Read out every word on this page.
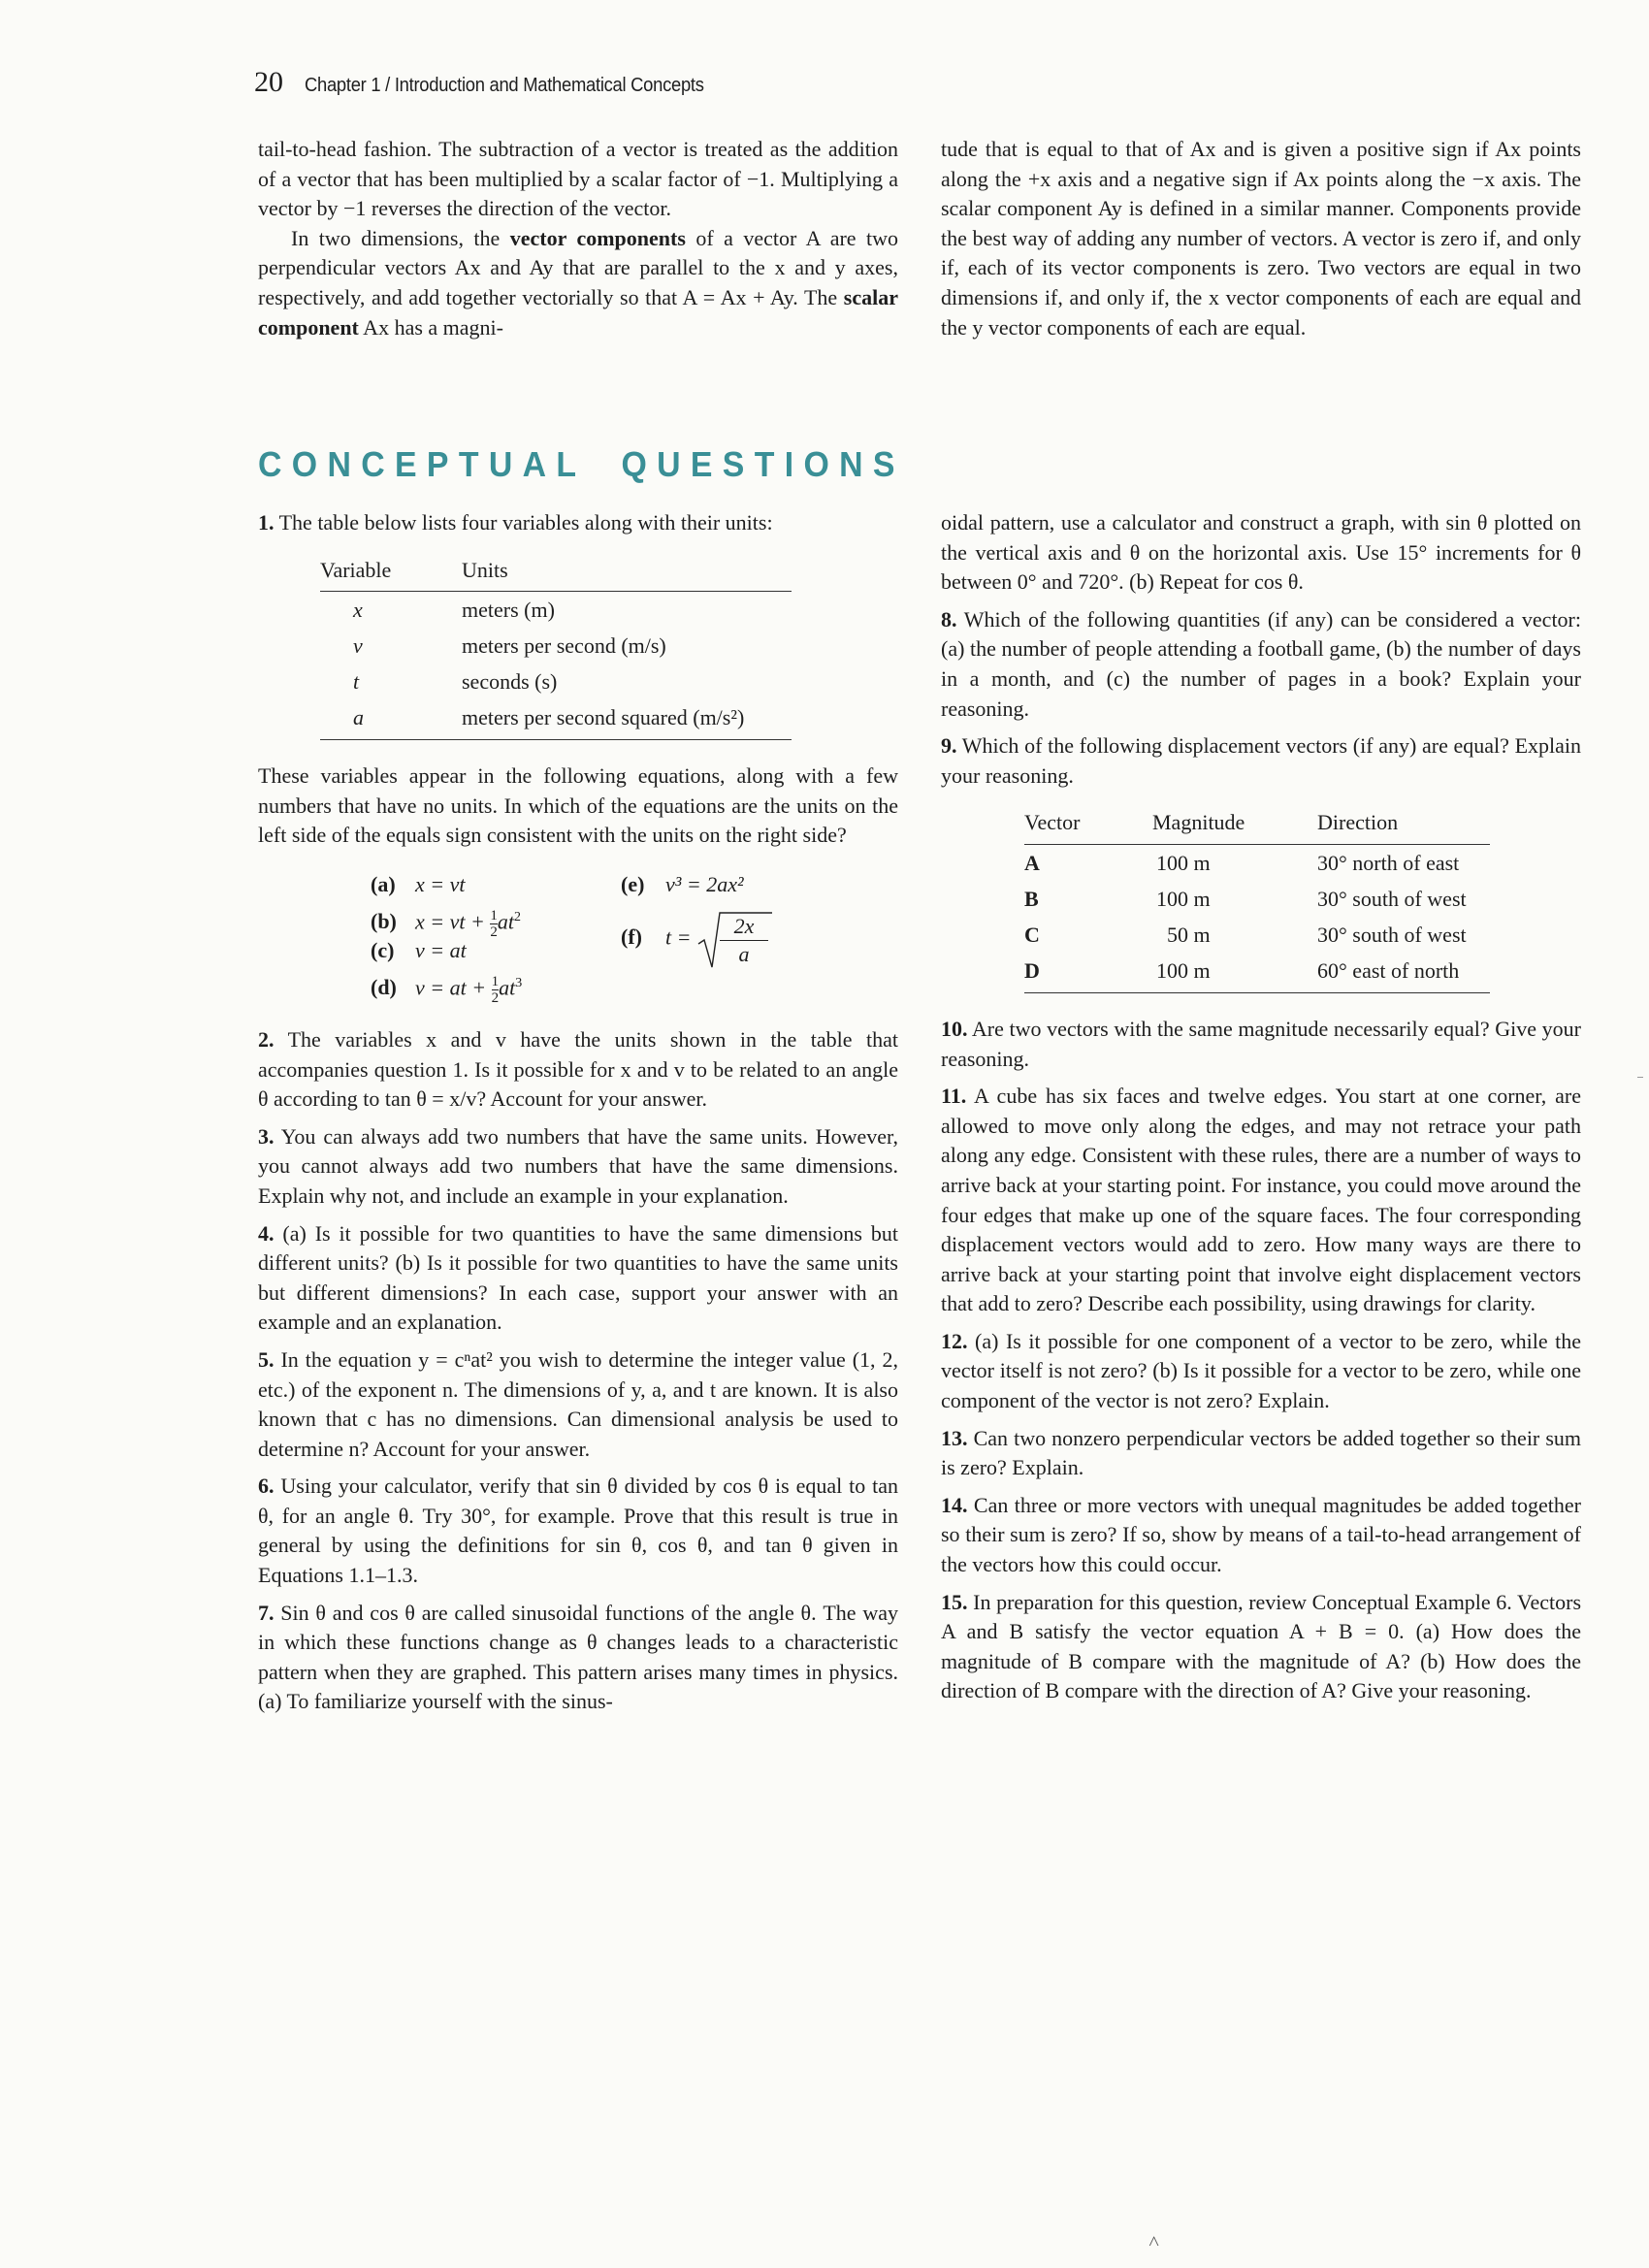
20 Chapter 1 / Introduction and Mathematical Concepts

tail-to-head fashion. The subtraction of a vector is treated as the addition of a vector that has been multiplied by a scalar factor of −1. Multiplying a vector by −1 reverses the direction of the vector.

In two dimensions, the vector components of a vector A are two perpendicular vectors Ax and Ay that are parallel to the x and y axes, respectively, and add together vectorially so that A = Ax + Ay. The scalar component Ax has a magni-

tude that is equal to that of Ax and is given a positive sign if Ax points along the +x axis and a negative sign if Ax points along the −x axis. The scalar component Ay is defined in a similar manner. Components provide the best way of adding any number of vectors. A vector is zero if, and only if, each of its vector components is zero. Two vectors are equal in two dimensions if, and only if, the x vector components of each are equal and the y vector components of each are equal.

CONCEPTUAL QUESTIONS
1. The table below lists four variables along with their units:
Variable	Units
x	meters (m)
v	meters per second (m/s)
t	seconds (s)
a	meters per second squared (m/s²)

These variables appear in the following equations, along with a few numbers that have no units. In which of the equations are the units on the left side of the equals sign consistent with the units on the right side?

(a) x = vt
(b) x = vt + $\frac{1}{2} at^2$
(c) v = at
(d) v = at + $\frac{1}{2} at^3$
(e) v³ = 2ax²
(f) $t = \frac{2x}{a}$
2. The variables x and v have the units shown in the table that accompanies question 1. Is it possible for x and v to be related to an angle θ according to tan θ = x/v? Account for your answer.
3. You can always add two numbers that have the same units. However, you cannot always add two numbers that have the same dimensions. Explain why not, and include an example in your explanation.
4. (a) Is it possible for two quantities to have the same dimensions but different units? (b) Is it possible for two quantities to have the same units but different dimensions? In each case, support your answer with an example and an explanation.
5. In the equation y = cⁿat² you wish to determine the integer value (1, 2, etc.) of the exponent n. The dimensions of y, a, and t are known. It is also known that c has no dimensions. Can dimensional analysis be used to determine n? Account for your answer.
6. Using your calculator, verify that sin θ divided by cos θ is equal to tan θ, for an angle θ. Try 30°, for example. Prove that this result is true in general by using the definitions for sin θ, cos θ, and tan θ given in Equations 1.1–1.3.
7. Sin θ and cos θ are called sinusoidal functions of the angle θ. The way in which these functions change as θ changes leads to a characteristic pattern when they are graphed. This pattern arises many times in physics. (a) To familiarize yourself with the sinus-

oidal pattern, use a calculator and construct a graph, with sin θ plotted on the vertical axis and θ on the horizontal axis. Use 15° increments for θ between 0° and 720°. (b) Repeat for cos θ.

8. Which of the following quantities (if any) can be considered a vector: (a) the number of people attending a football game, (b) the number of days in a month, and (c) the number of pages in a book? Explain your reasoning.
9. Which of the following displacement vectors (if any) are equal? Explain your reasoning.
Vector	Magnitude	Direction
A	100 m	30° north of east
B	100 m	30° south of west
C	50 m	30° south of west
D	100 m	60° east of north
10. Are two vectors with the same magnitude necessarily equal? Give your reasoning.
11. A cube has six faces and twelve edges. You start at one corner, are allowed to move only along the edges, and may not retrace your path along any edge. Consistent with these rules, there are a number of ways to arrive back at your starting point. For instance, you could move around the four edges that make up one of the square faces. The four corresponding displacement vectors would add to zero. How many ways are there to arrive back at your starting point that involve eight displacement vectors that add to zero? Describe each possibility, using drawings for clarity.
12. (a) Is it possible for one component of a vector to be zero, while the vector itself is not zero? (b) Is it possible for a vector to be zero, while one component of the vector is not zero? Explain.
13. Can two nonzero perpendicular vectors be added together so their sum is zero? Explain.
14. Can three or more vectors with unequal magnitudes be added together so their sum is zero? If so, show by means of a tail-to-head arrangement of the vectors how this could occur.
15. In preparation for this question, review Conceptual Example 6. Vectors A and B satisfy the vector equation A + B = 0. (a) How does the magnitude of B compare with the magnitude of A? (b) How does the direction of B compare with the direction of A? Give your reasoning.
˄
